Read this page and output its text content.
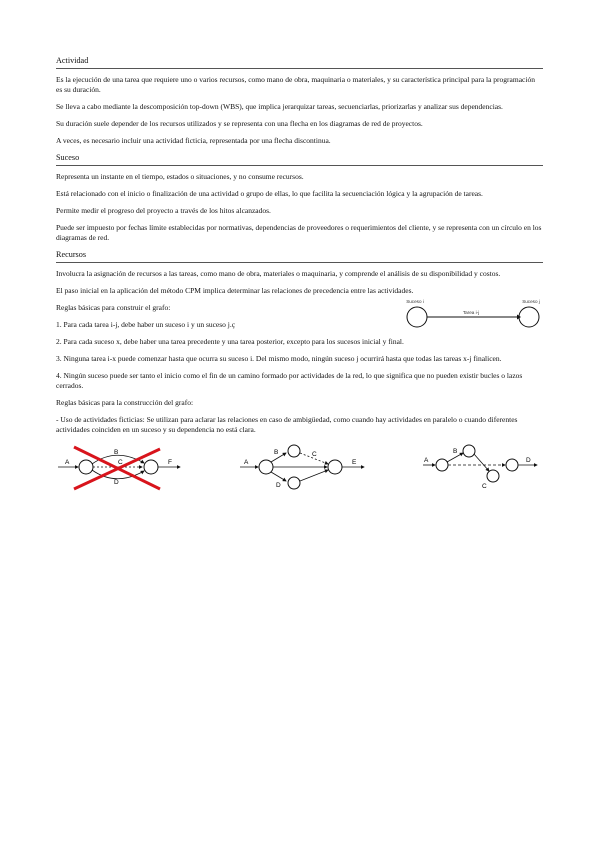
Actividad

Es la ejecución de una tarea que requiere uno o varios recursos, como mano de obra, maquinaria o materiales, y su característica principal para la programación es su duración.

Se lleva a cabo mediante la descomposición top-down (WBS), que implica jerarquizar tareas, secuenciarlas, priorizarlas y analizar sus dependencias.

Su duración suele depender de los recursos utilizados y se representa con una flecha en los diagramas de red de proyectos.

A veces, es necesario incluir una actividad ficticia, representada por una flecha discontinua.

Suceso

Representa un instante en el tiempo, estados o situaciones, y no consume recursos.

Está relacionado con el inicio o finalización de una actividad o grupo de ellas, lo que facilita la secuenciación lógica y la agrupación de tareas.

Permite medir el progreso del proyecto a través de los hitos alcanzados.

Puede ser impuesto por fechas límite establecidas por normativas, dependencias de proveedores o requerimientos del cliente, y se representa con un círculo en los diagramas de red.

Recursos

Involucra la asignación de recursos a las tareas, como mano de obra, materiales o maquinaria, y comprende el análisis de su disponibilidad y costos.

El paso inicial en la aplicación del método CPM implica determinar las relaciones de precedencia entre las actividades.

Reglas básicas para construir el grafo:

Suceso i
Tarea i-j
Suceso j

1. Para cada tarea i-j, debe haber un suceso i y un suceso j.ç

2. Para cada suceso x, debe haber una tarea precedente y una tarea posterior, excepto para los sucesos inicial y final.

3. Ninguna tarea i-x puede comenzar hasta que ocurra su suceso i. Del mismo modo, ningún suceso j ocurrirá hasta que todas las tareas x-j finalicen.

4. Ningún suceso puede ser tanto el inicio como el fin de un camino formado por actividades de la red, lo que significa que no pueden existir bucles o lazos cerrados.

Reglas básicas para la construcción del grafo:

- Uso de actividades ficticias: Se utilizan para aclarar las relaciones en caso de ambigüedad, como cuando hay actividades en paralelo o cuando diferentes actividades coinciden en un suceso y su dependencia no está clara.

A
B
C
D
F	A
B	C
D
E	A
B
C
D
